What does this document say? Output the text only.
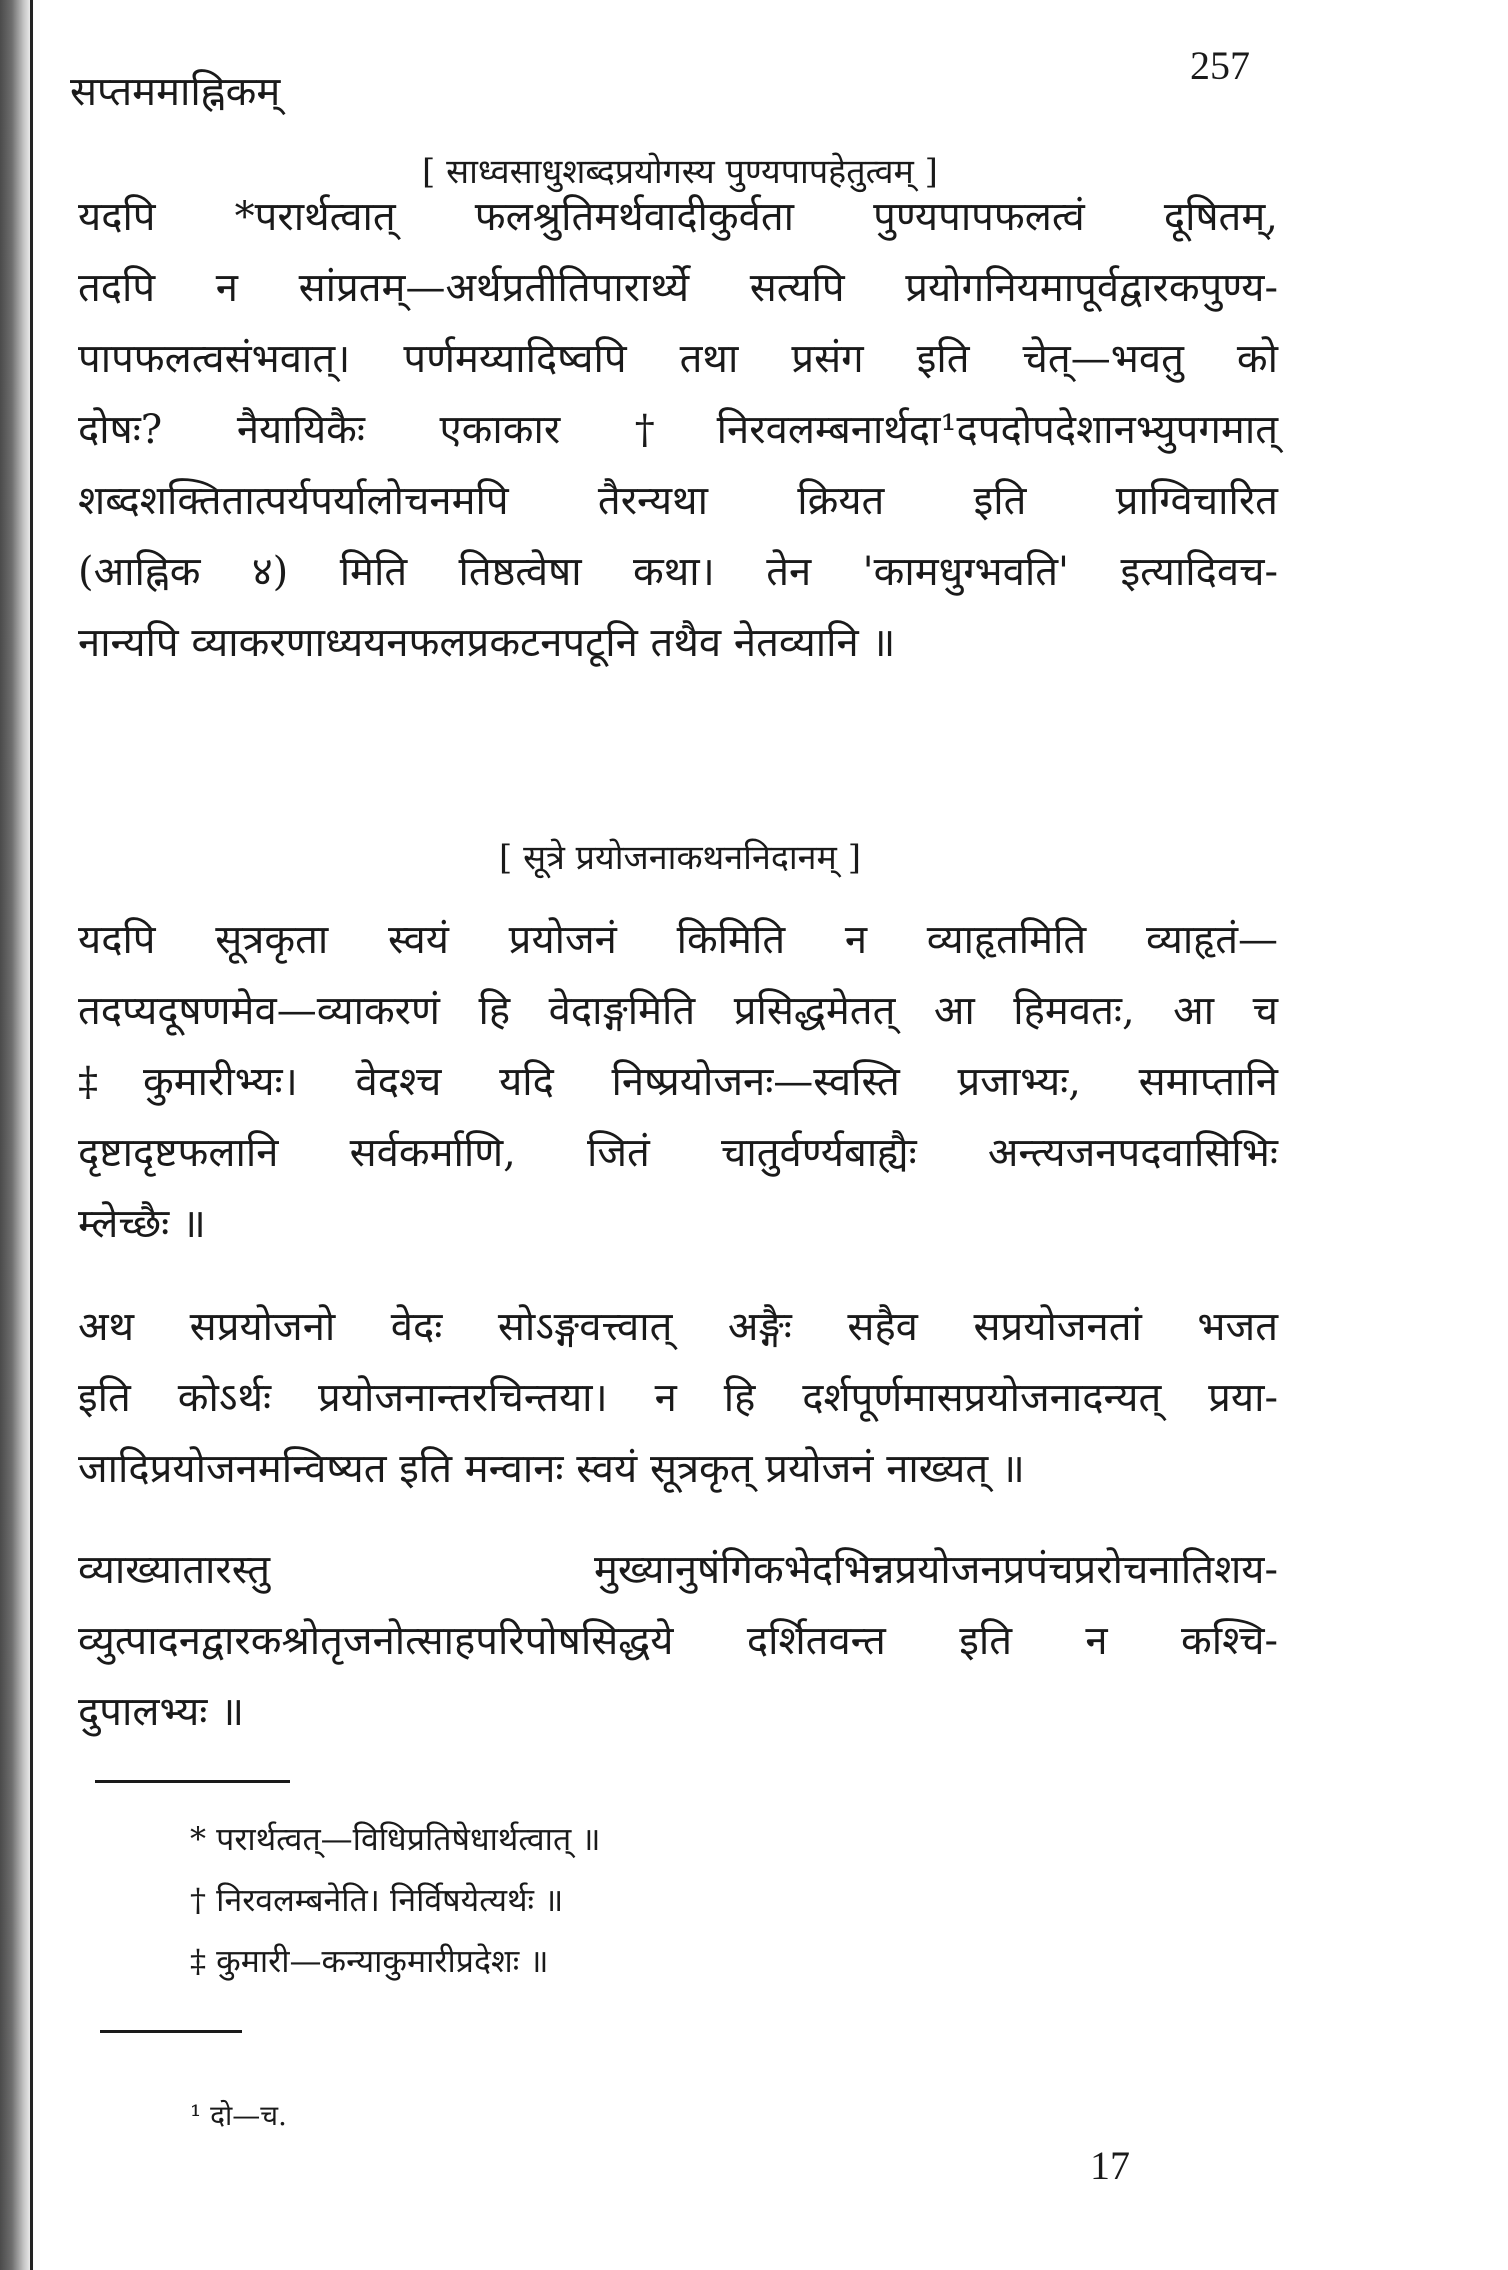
सप्तममाह्निकम्
257
[ साध्वसाधुशब्दप्रयोगस्य पुण्यपापहेतुत्वम् ]
यदपि *परार्थत्वात् फलश्रुतिमर्थवादीकुर्वता पुण्यपापफलत्वं दूषितम्,
तदपि न सांप्रतम्—अर्थप्रतीतिपारार्थ्ये सत्यपि प्रयोगनियमापूर्वद्वारकपुण्य-
पापफलत्वसंभवात्। पर्णमय्यादिष्वपि तथा प्रसंग इति चेत्—भवतु को
दोषः? नैयायिकैः एकाकार †निरवलम्बनार्थदा¹दपदोपदेशानभ्युपगमात्
शब्दशक्तितात्पर्यपर्यालोचनमपि तैरन्यथा क्रियत इति प्राग्विचारित
(आह्निक ४) मिति तिष्ठत्वेषा कथा। तेन 'कामधुग्भवति' इत्यादिवच-
नान्यपि व्याकरणाध्ययनफलप्रकटनपटूनि तथैव नेतव्यानि ॥
[ सूत्रे प्रयोजनाकथननिदानम् ]
यदपि सूत्रकृता स्वयं प्रयोजनं किमिति न व्याहृतमिति व्याहृतं—
तदप्यदूषणमेव—व्याकरणं हि वेदाङ्गमिति प्रसिद्धमेतत् आ हिमवतः, आ च
‡कुमारीभ्यः। वेदश्च यदि निष्प्रयोजनः—स्वस्ति प्रजाभ्यः, समाप्तानि
दृष्टादृष्टफलानि सर्वकर्माणि, जितं चातुर्वर्ण्यबाह्यैः अन्त्यजनपदवासिभिः
म्लेच्छैः ॥
अथ सप्रयोजनो वेदः सोऽङ्गवत्त्वात् अङ्गैः सहैव सप्रयोजनतां भजत
इति कोऽर्थः प्रयोजनान्तरचिन्तया। न हि दर्शपूर्णमासप्रयोजनादन्यत् प्रया-
जादिप्रयोजनमन्विष्यत इति मन्वानः स्वयं सूत्रकृत् प्रयोजनं नाख्यत् ॥
व्याख्यातारस्तु मुख्यानुषंगिकभेदभिन्नप्रयोजनप्रपंचप्ररोचनातिशय-
व्युत्पादनद्वारकश्रोतृजनोत्साहपरिपोषसिद्धये दर्शितवन्त इति न कश्चि-
दुपालभ्यः ॥
* परार्थत्वत्—विधिप्रतिषेधार्थत्वात् ॥
† निरवलम्बनेति। निर्विषयेत्यर्थः ॥
‡ कुमारी—कन्याकुमारीप्रदेशः ॥
¹ दो—च.
17
